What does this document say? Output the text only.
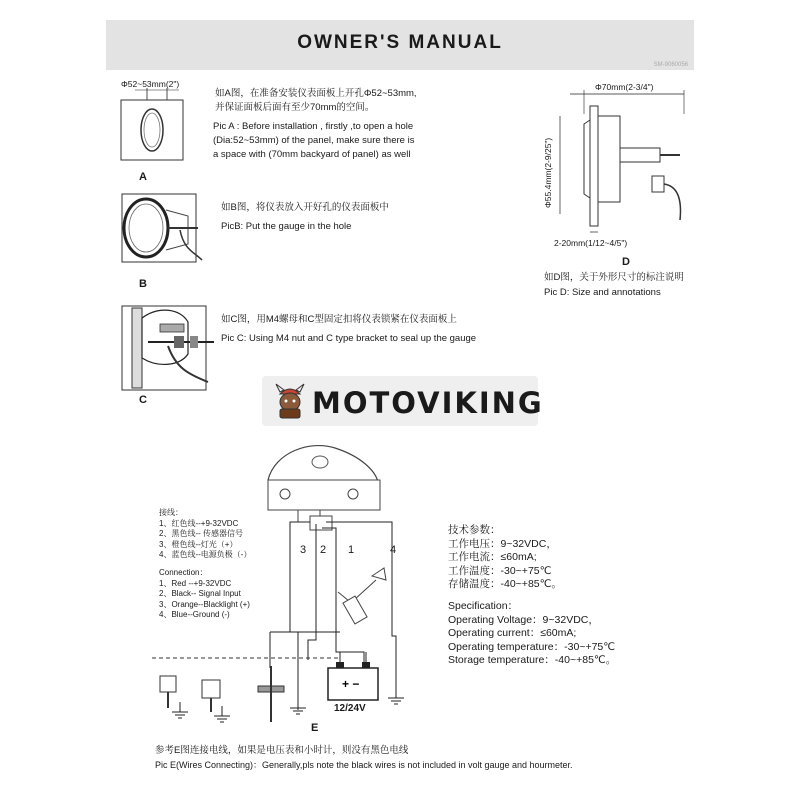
OWNER'S MANUAL
SM-9060056
Φ52~53mm(2")
A
如A图，在准备安装仪表面板上开孔Φ52~53mm,
并保证面板后面有至少70mm的空间。
Pic A : Before installation , firstly ,to open a hole
(Dia:52~53mm) of the panel, make sure there is
a space with (70mm backyard of panel) as well
B
如B图，将仪表放入开好孔的仪表面板中
PicB: Put the gauge in the hole
C
如C图，用M4螺母和C型固定扣将仪表锁紧在仪表面板上
Pic C: Using M4 nut and C type bracket to seal up the gauge
Φ70mm(2-3/4")
Φ55.4mm(2-9/25")
2-20mm(1/12~4/5")
D
如D图，关于外形尺寸的标注说明
Pic D: Size and annotations
MOTOVIKING
+ −
3 2 1	4
12/24V
E
接线：
1、红色线--+9-32VDC
2、黑色线-- 传感器信号
3、橙色线--灯光（+）
4、蓝色线--电源负极（-）
Connection：
1、Red --+9-32VDC
2、Black-- Signal Input
3、Orange--Blacklight (+)
4、Blue--Ground (-)
技术参数：
工作电压：9~32VDC，
工作电流：≤60mA;
工作温度：-30~+75℃
存储温度：-40~+85℃。
Specification：
Operating Voltage：9~32VDC，
Operating current：≤60mA;
Operating temperature：-30~+75℃
Storage temperature：-40~+85℃。
参考E图连接电线，如果是电压表和小时计，则没有黑色电线
Pic E(Wires Connecting)：Generally,pls note the black wires is not included in volt gauge and hourmeter.
